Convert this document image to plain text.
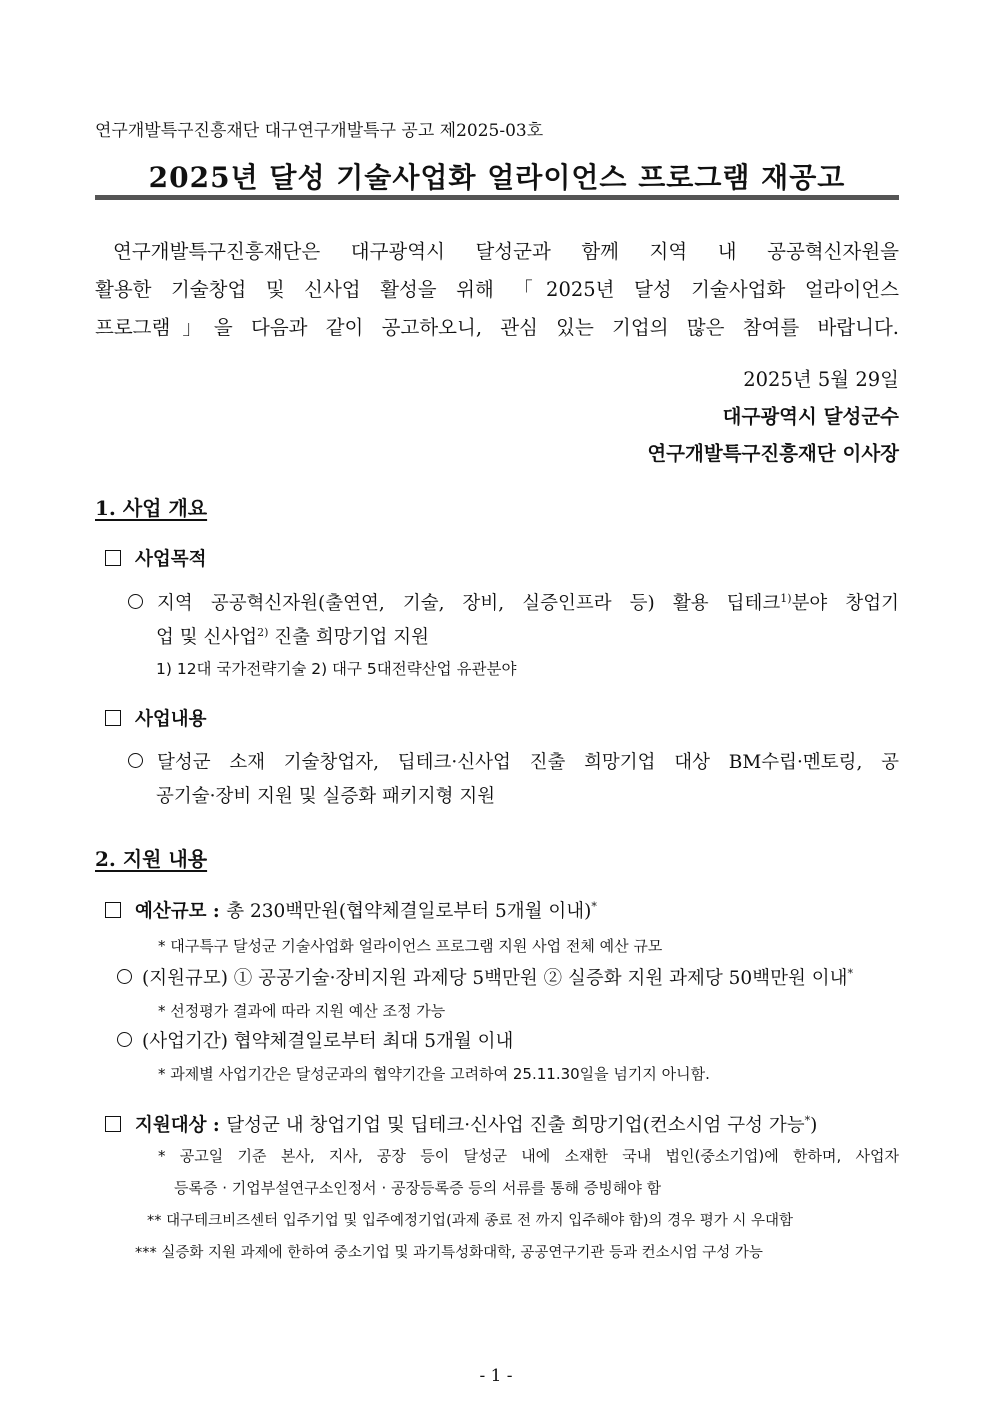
연구개발특구진흥재단 대구연구개발특구 공고 제2025-03호
2025년 달성 기술사업화 얼라이언스 프로그램 재공고
연구개발특구진흥재단은 대구광역시 달성군과 함께 지역 내 공공혁신자원을
활용한 기술창업 및 신사업 활성을 위해 「2025년 달성 기술사업화 얼라이언스
프로그램」을 다음과 같이 공고하오니, 관심 있는 기업의 많은 참여를 바랍니다.
2025년 5월 29일
대구광역시 달성군수
연구개발특구진흥재단 이사장
1. 사업 개요
사업목적
지역 공공혁신자원(출연연, 기술, 장비, 실증인프라 등) 활용 딥테크$^{1)}$분야 창업기
업 및 신사업$^{2)}$ 진출 희망기업 지원
1) 12대 국가전략기술 2) 대구 5대전략산업 유관분야
사업내용
달성군 소재 기술창업자, 딥테크·신사업 진출 희망기업 대상 BM수립·멘토링, 공
공기술·장비 지원 및 실증화 패키지형 지원
2. 지원 내용
예산규모 : 총 230백만원(협약체결일로부터 5개월 이내)*
* 대구특구 달성군 기술사업화 얼라이언스 프로그램 지원 사업 전체 예산 규모
(지원규모) ① 공공기술·장비지원 과제당 5백만원 ② 실증화 지원 과제당 50백만원 이내*
* 선정평가 결과에 따라 지원 예산 조정 가능
(사업기간) 협약체결일로부터 최대 5개월 이내
* 과제별 사업기간은 달성군과의 협약기간을 고려하여 25.11.30일을 넘기지 아니함.
지원대상 : 달성군 내 창업기업 및 딥테크·신사업 진출 희망기업(컨소시엄 구성 가능*)
* 공고일 기준 본사, 지사, 공장 등이 달성군 내에 소재한 국내 법인(중소기업)에 한하며, 사업자
등록증 · 기업부설연구소인정서 · 공장등록증 등의 서류를 통해 증빙해야 함
** 대구테크비즈센터 입주기업 및 입주예정기업(과제 종료 전 까지 입주해야 함)의 경우 평가 시 우대함
*** 실증화 지원 과제에 한하여 중소기업 및 과기특성화대학, 공공연구기관 등과 컨소시엄 구성 가능
- 1 -
